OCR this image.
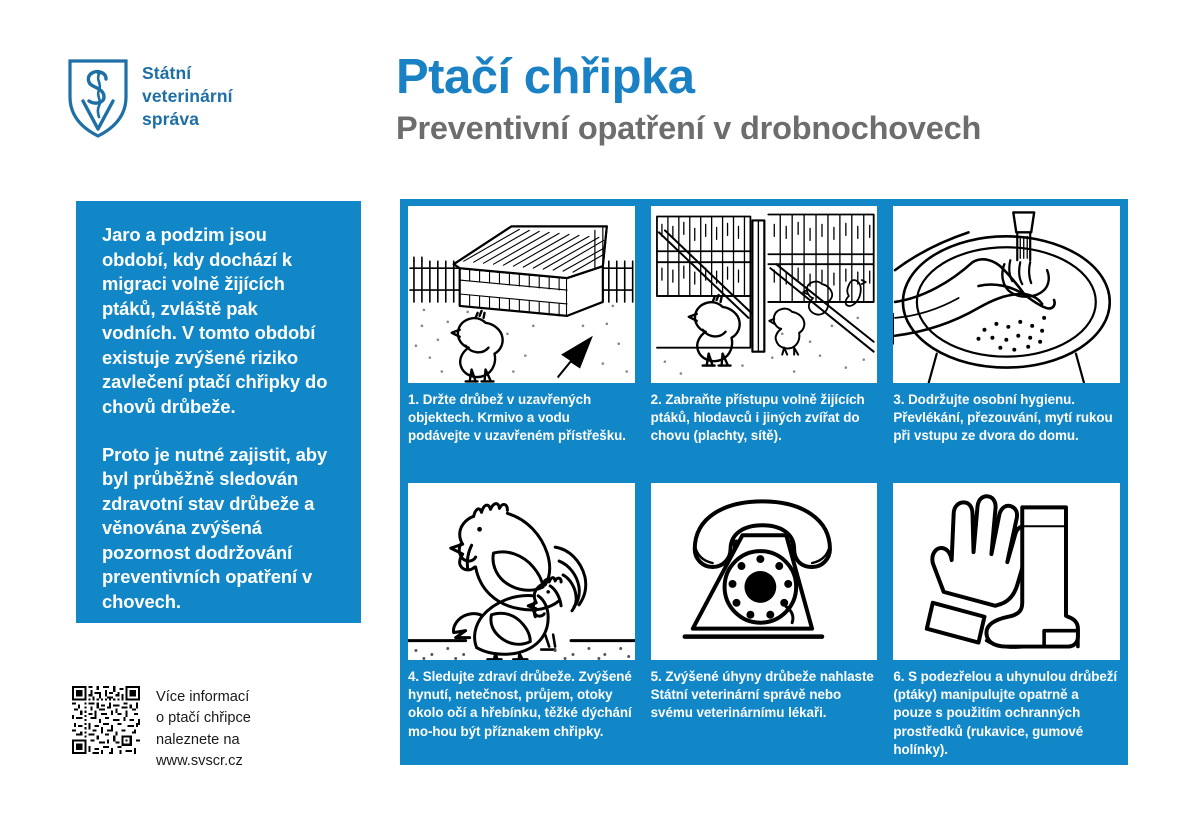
Státní
veterinární
správa
Ptačí chřipka
Preventivní opatření v drobnochovech

Jaro a podzim jsou období, kdy dochází k migraci volně žijících ptáků, zvláště pak vodních. V tomto období existuje zvýšené riziko zavlečení ptačí chřipky do chovů drůbeže.

Proto je nutné zajistit, aby byl průběžně sledován zdravotní stav drůbeže a věnována zvýšená pozornost dodržování preventivních opatření v chovech.

1. Držte drůbež v uzavřených objektech. Krmivo a vodu podávejte v uzavřeném přístřešku.
2. Zabraňte přístupu volně žijících ptáků, hlodavců i jiných zvířat do chovu (plachty, sítě).
3. Dodržujte osobní hygienu. Převlékání, přezouvání, mytí rukou při vstupu ze dvora do domu.
4. Sledujte zdraví drůbeže. Zvýšené hynutí, netečnost, průjem, otoky okolo očí a hřebínku, těžké dýchání mo-hou být příznakem chřipky.
5. Zvýšené úhyny drůbeže nahlaste Státní veterinární správě nebo svému veterinárnímu lékaři.
6. S podezřelou a uhynulou drůbeží (ptáky) manipulujte opatrně a pouze s použitím ochranných prostředků (rukavice, gumové holínky).
Více informací
o ptačí chřipce
naleznete na
www.svscr.cz
